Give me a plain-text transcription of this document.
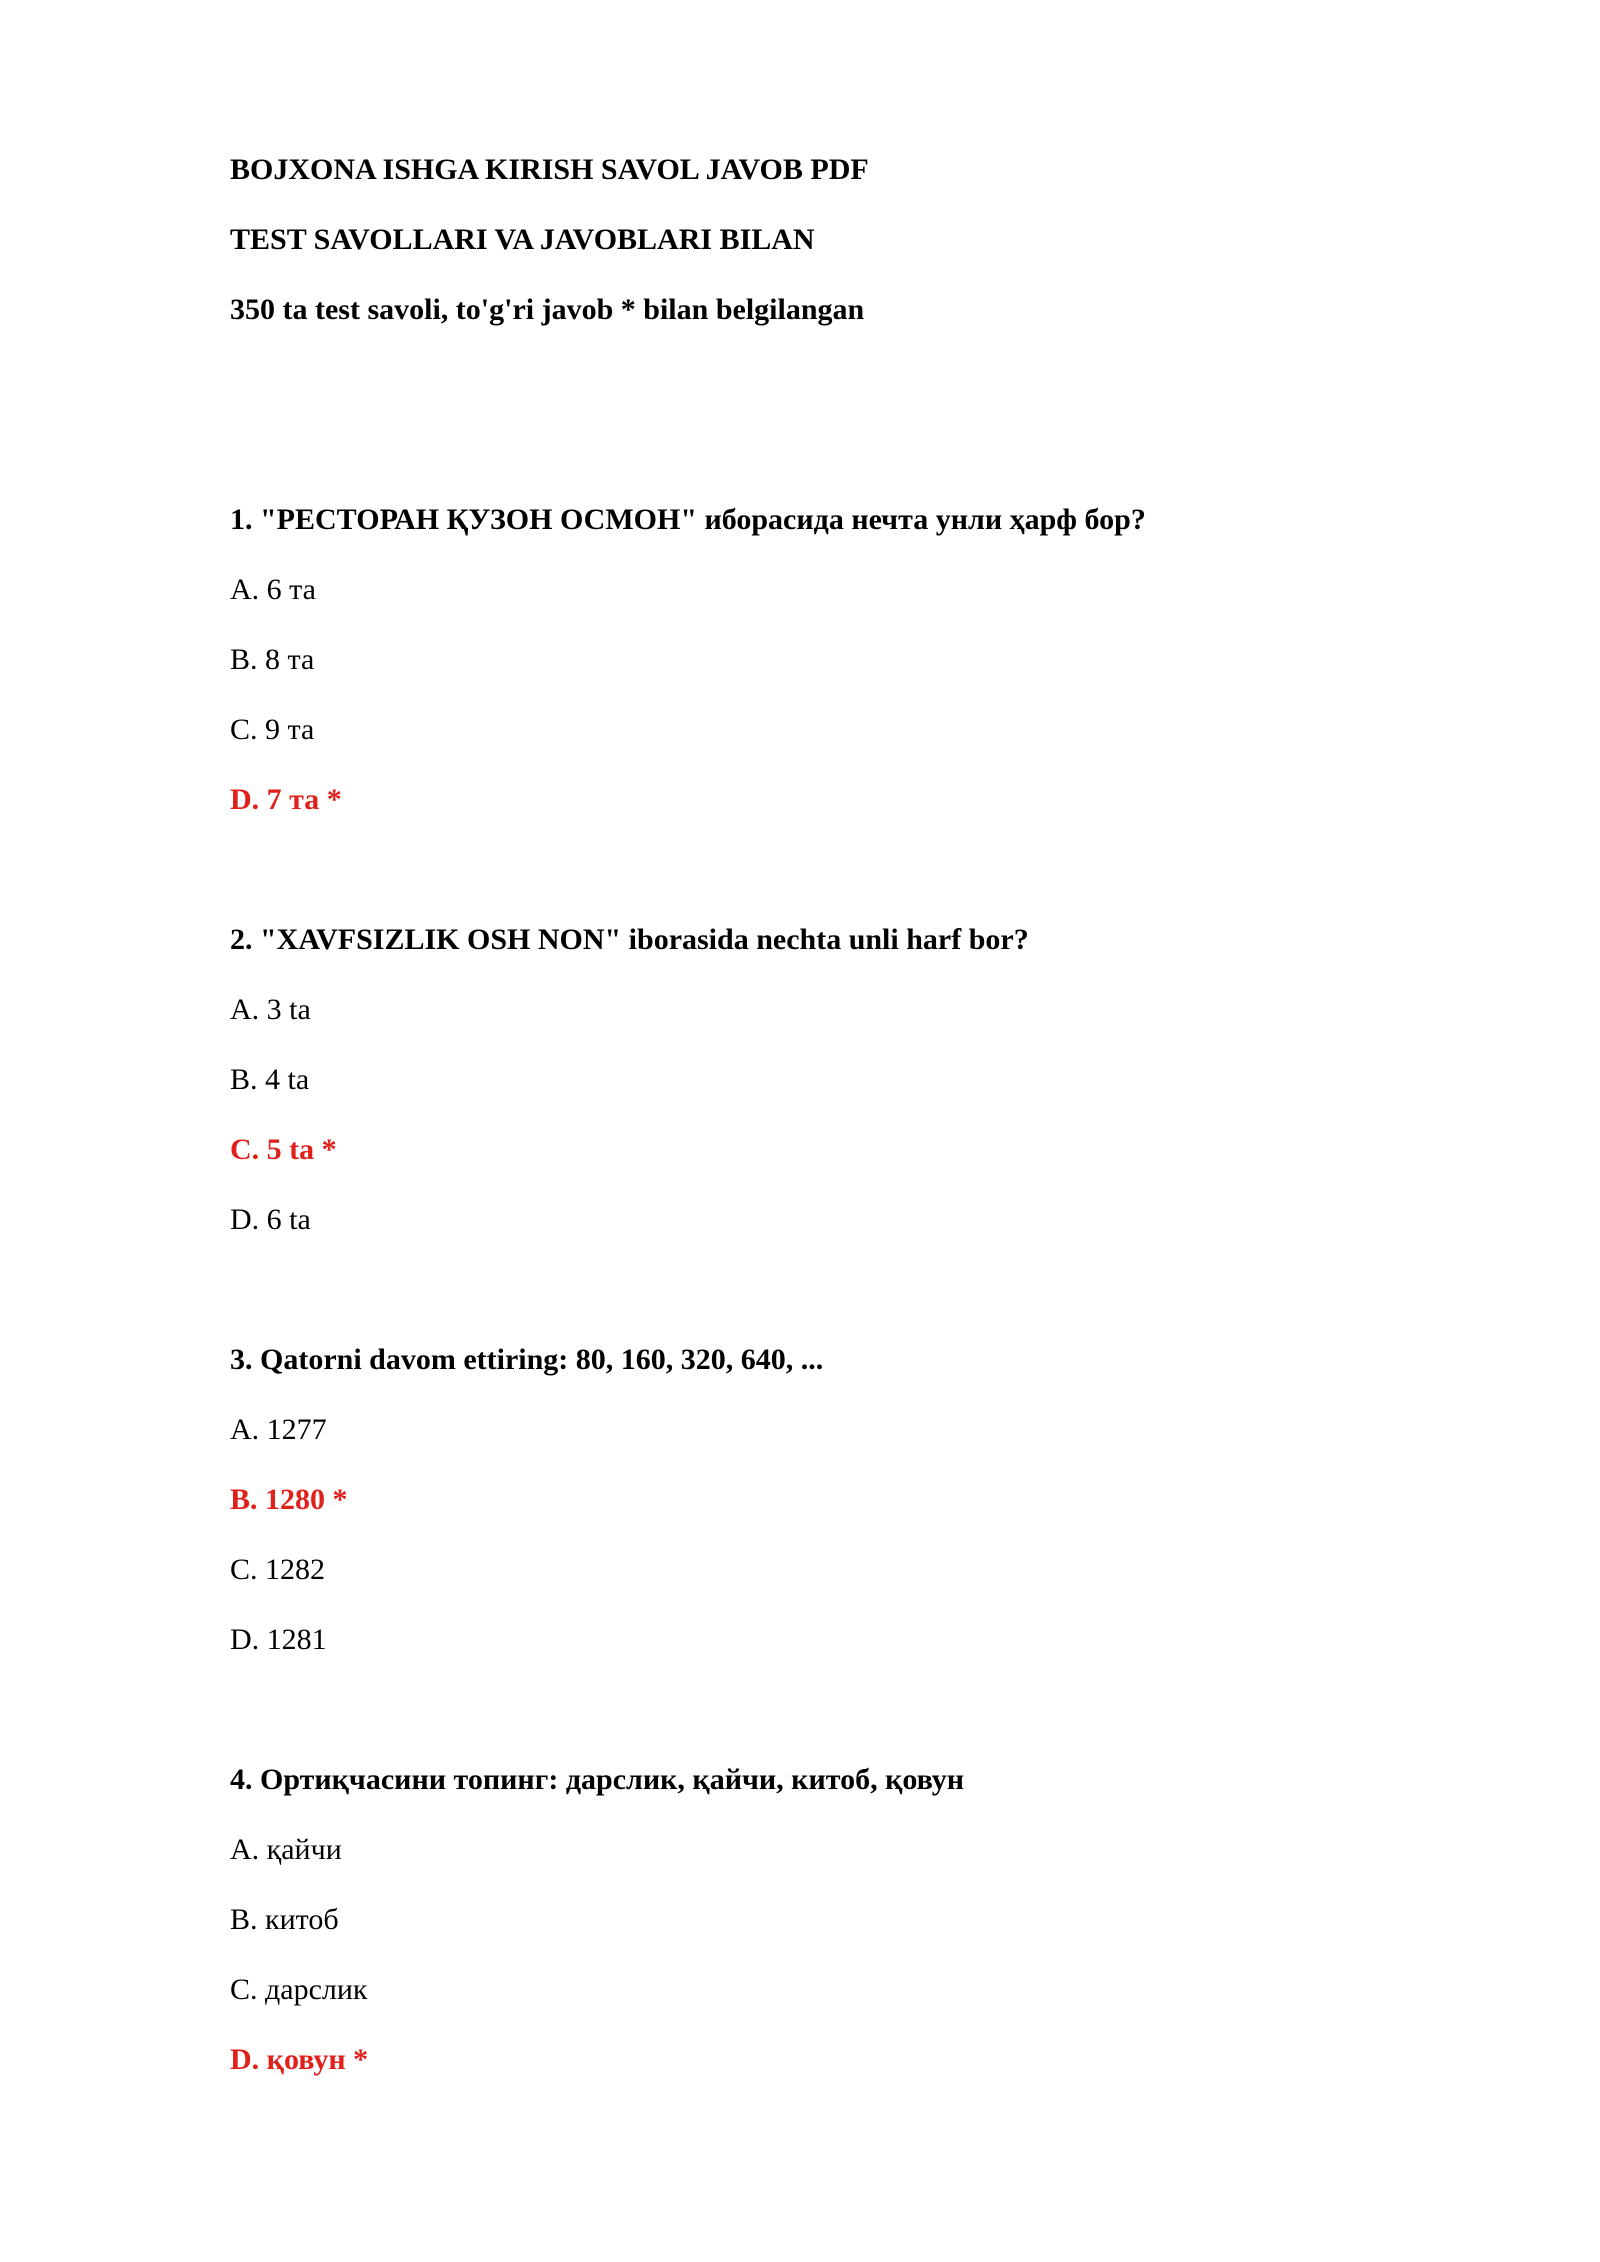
BOJXONA ISHGA KIRISH SAVOL JAVOB PDF
TEST SAVOLLARI VA JAVOBLARI BILAN
350 ta test savoli, to'g'ri javob * bilan belgilangan
1. "РЕСТОРАН ҚУЗОН ОСМОН" иборасида нечта унли ҳарф бор?
A. 6 та
B. 8 та
C. 9 та
D. 7 та *
2. "XAVFSIZLIK OSH NON" iborasida nechta unli harf bor?
A. 3 ta
B. 4 ta
C. 5 ta *
D. 6 ta
3. Qatorni davom ettiring: 80, 160, 320, 640, ...
A. 1277
B. 1280 *
C. 1282
D. 1281
4. Ортиқчасини топинг: дарслик, қайчи, китоб, қовун
A. қайчи
B. китоб
C. дарслик
D. қовун *
